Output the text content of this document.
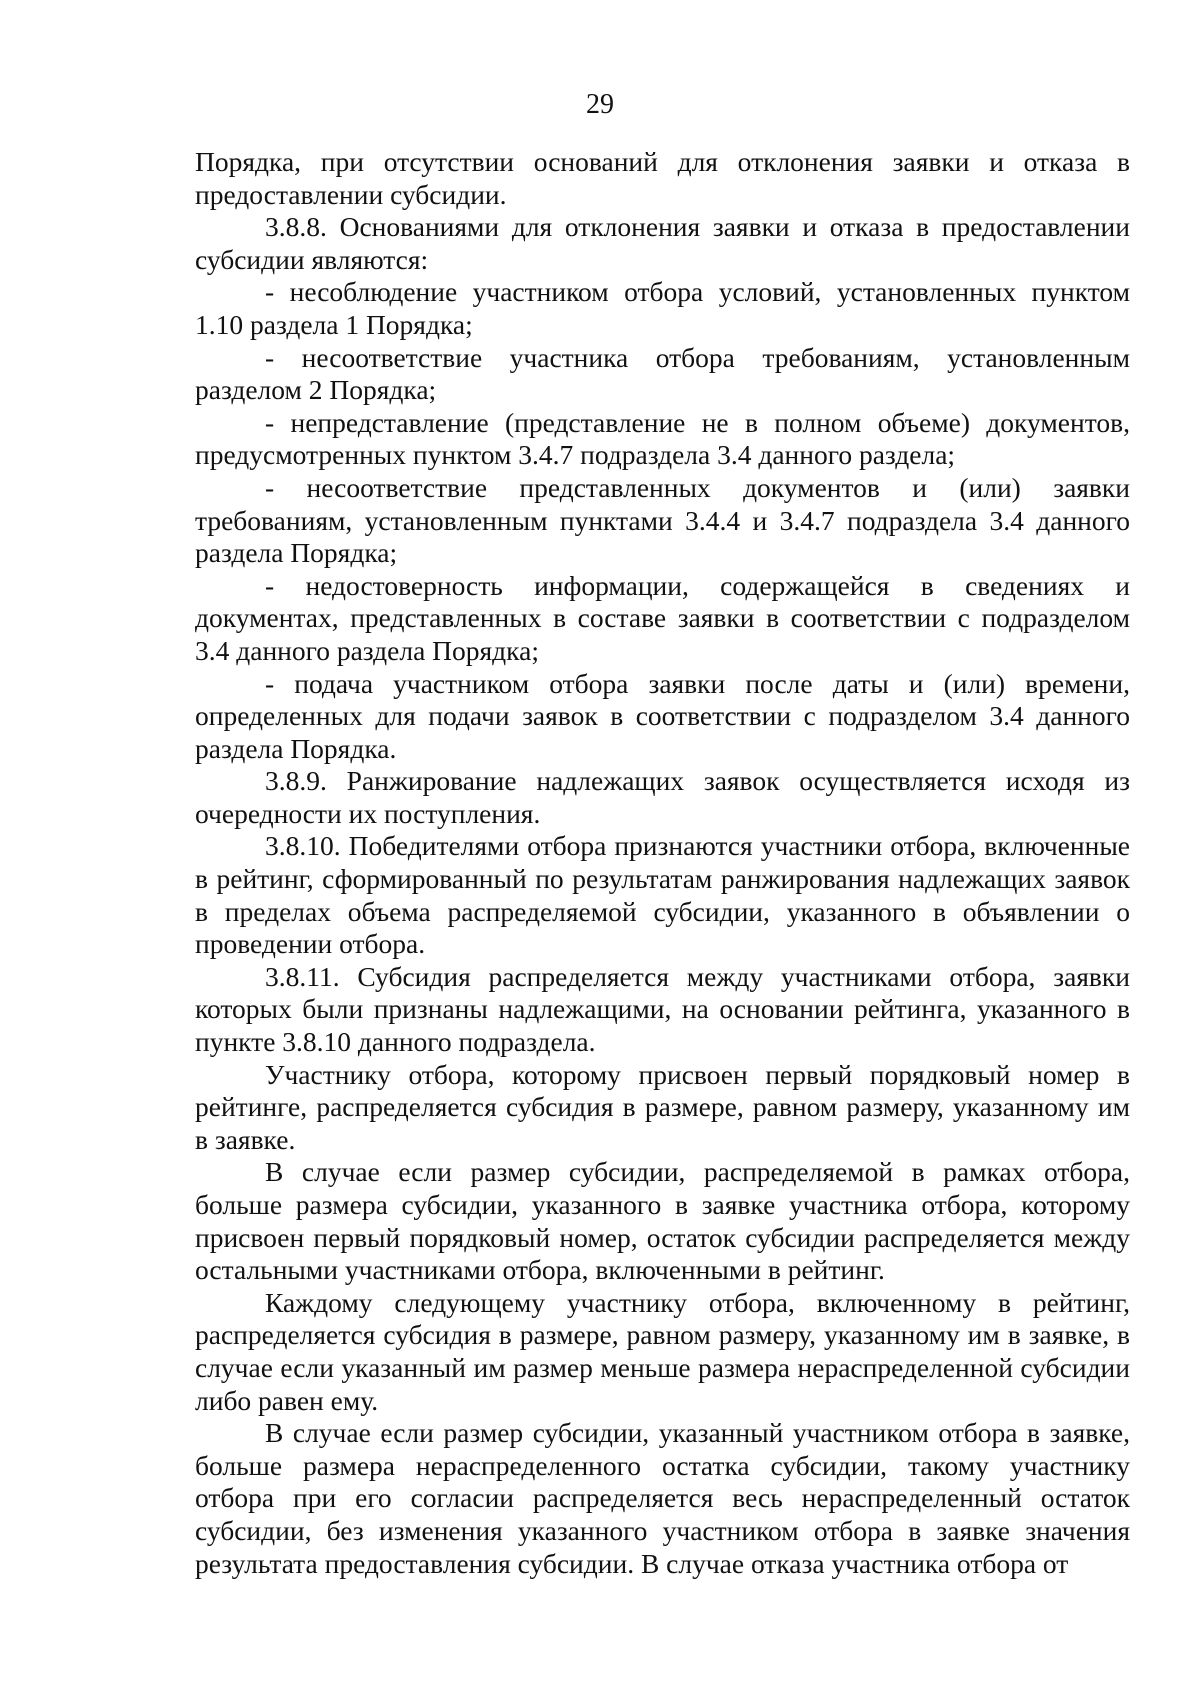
29

Порядка, при отсутствии оснований для отклонения заявки и отказа в предоставлении субсидии.

3.8.8. Основаниями для отклонения заявки и отказа в предоставлении субсидии являются:

- несоблюдение участником отбора условий, установленных пунктом 1.10 раздела 1 Порядка;

- несоответствие участника отбора требованиям, установленным разделом 2 Порядка;

- непредставление (представление не в полном объеме) документов, предусмотренных пунктом 3.4.7 подраздела 3.4 данного раздела;

- несоответствие представленных документов и (или) заявки требованиям, установленным пунктами 3.4.4 и 3.4.7 подраздела 3.4 данного раздела Порядка;

- недостоверность информации, содержащейся в сведениях и документах, представленных в составе заявки в соответствии с подразделом 3.4 данного раздела Порядка;

- подача участником отбора заявки после даты и (или) времени, определенных для подачи заявок в соответствии с подразделом 3.4 данного раздела Порядка.

3.8.9. Ранжирование надлежащих заявок осуществляется исходя из очередности их поступления.

3.8.10. Победителями отбора признаются участники отбора, включенные в рейтинг, сформированный по результатам ранжирования надлежащих заявок в пределах объема распределяемой субсидии, указанного в объявлении о проведении отбора.

3.8.11. Субсидия распределяется между участниками отбора, заявки которых были признаны надлежащими, на основании рейтинга, указанного в пункте 3.8.10 данного подраздела.

Участнику отбора, которому присвоен первый порядковый номер в рейтинге, распределяется субсидия в размере, равном размеру, указанному им в заявке.

В случае если размер субсидии, распределяемой в рамках отбора, больше размера субсидии, указанного в заявке участника отбора, которому присвоен первый порядковый номер, остаток субсидии распределяется между остальными участниками отбора, включенными в рейтинг.

Каждому следующему участнику отбора, включенному в рейтинг, распределяется субсидия в размере, равном размеру, указанному им в заявке, в случае если указанный им размер меньше размера нераспределенной субсидии либо равен ему.

В случае если размер субсидии, указанный участником отбора в заявке, больше размера нераспределенного остатка субсидии, такому участнику отбора при его согласии распределяется весь нераспределенный остаток субсидии, без изменения указанного участником отбора в заявке значения результата предоставления субсидии. В случае отказа участника отбора от
